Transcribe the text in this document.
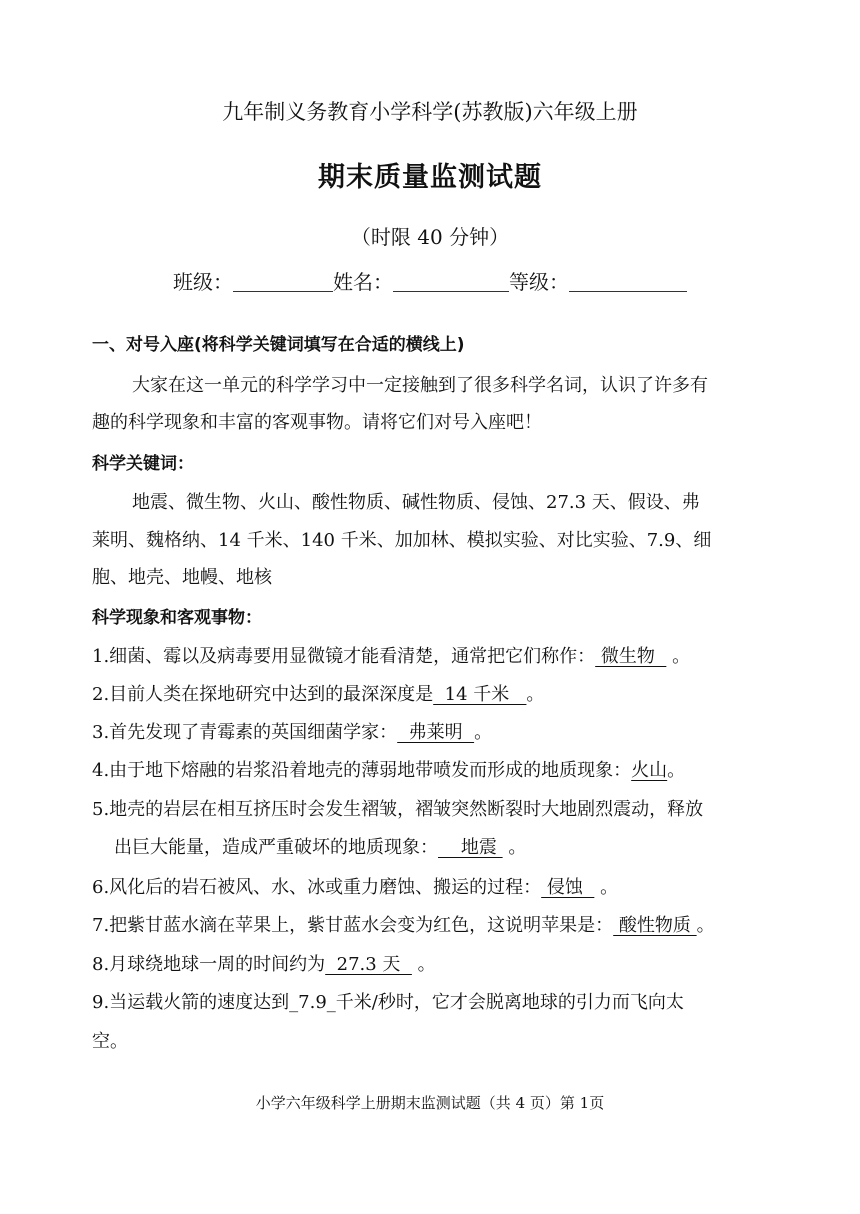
九年制义务教育小学科学(苏教版)六年级上册
期末质量监测试题
（时限 40 分钟）
班级：	姓名：	等级：
一、对号入座(将科学关键词填写在合适的横线上)
大家在这一单元的科学学习中一定接触到了很多科学名词，认识了许多有
趣的科学现象和丰富的客观事物。请将它们对号入座吧！
科学关键词：
地震、微生物、火山、酸性物质、碱性物质、侵蚀、27.3 天、假设、弗
莱明、魏格纳、14 千米、140 千米、加加林、模拟实验、对比实验、7.9、细
胞、地壳、地幔、地核
科学现象和客观事物：
1.细菌、霉以及病毒要用显微镜才能看清楚，通常把它们称作： 微生物   。
2.目前人类在探地研究中达到的最深深度是  14 千米   。
3.首先发现了青霉素的英国细菌学家：  弗莱明  。
4.由于地下熔融的岩浆沿着地壳的薄弱地带喷发而形成的地质现象：火山。
5.地壳的岩层在相互挤压时会发生褶皱，褶皱突然断裂时大地剧烈震动，释放
出巨大能量，造成严重破坏的地质现象：    地震  。
6.风化后的岩石被风、水、冰或重力磨蚀、搬运的过程： 侵蚀   。
7.把紫甘蓝水滴在苹果上，紫甘蓝水会变为红色，这说明苹果是： 酸性物质 。
8.月球绕地球一周的时间约为  27.3 天   。
9.当运载火箭的速度达到_7.9_千米/秒时，它才会脱离地球的引力而飞向太
空。
小学六年级科学上册期末监测试题（共 4 页）第 1页
